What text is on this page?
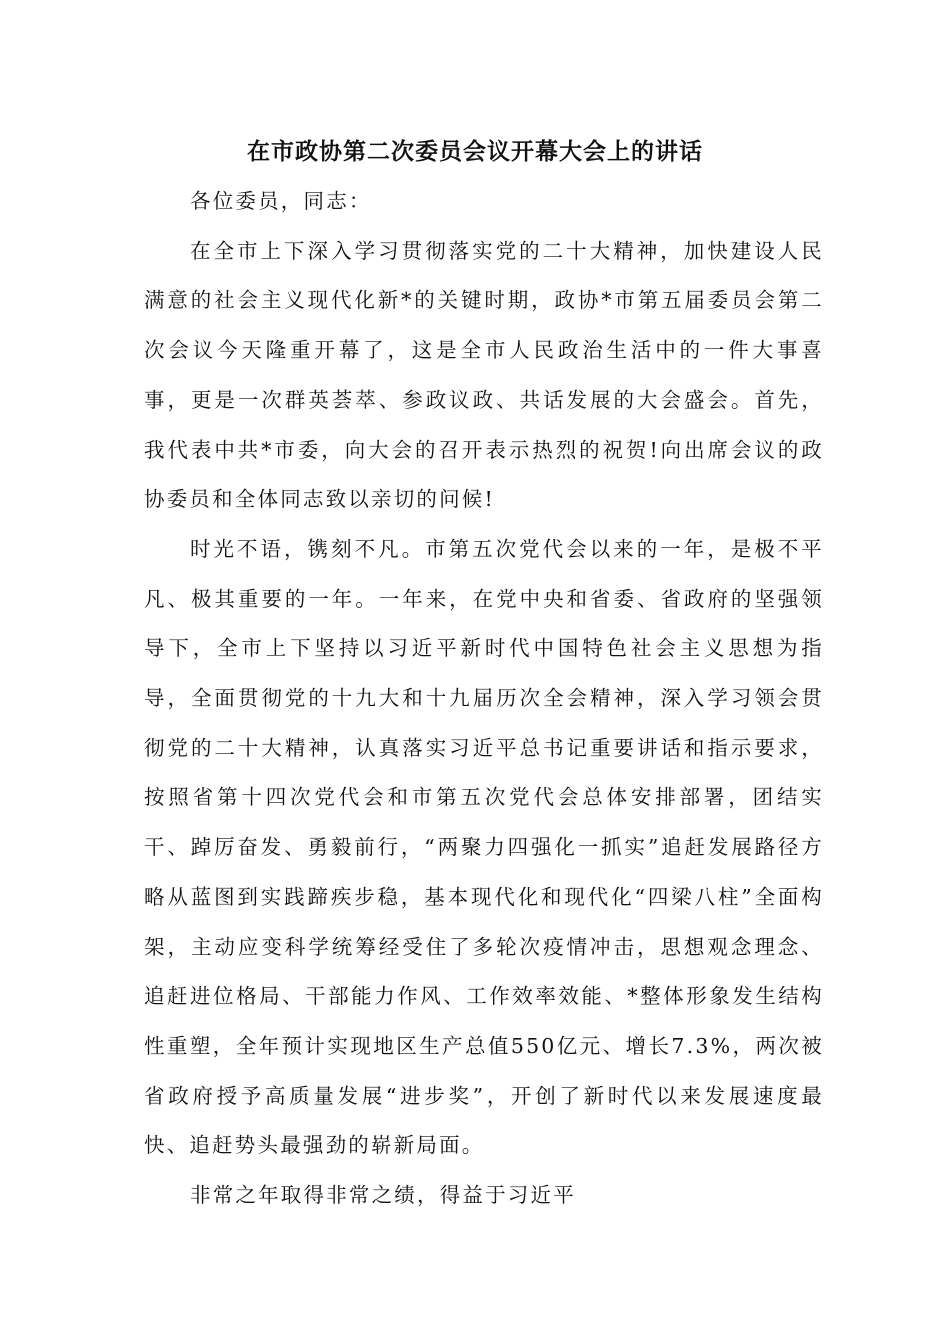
在市政协第二次委员会议开幕大会上的讲话

各位委员，同志：

在全市上下深入学习贯彻落实党的二十大精神，加快建设人民满意的社会主义现代化新*的关键时期，政协*市第五届委员会第二次会议今天隆重开幕了，这是全市人民政治生活中的一件大事喜事，更是一次群英荟萃、参政议政、共话发展的大会盛会。首先，我代表中共*市委，向大会的召开表示热烈的祝贺!向出席会议的政协委员和全体同志致以亲切的问候!

时光不语，镌刻不凡。市第五次党代会以来的一年，是极不平凡、极其重要的一年。一年来，在党中央和省委、省政府的坚强领导下，全市上下坚持以习近平新时代中国特色社会主义思想为指导，全面贯彻党的十九大和十九届历次全会精神，深入学习领会贯彻党的二十大精神，认真落实习近平总书记重要讲话和指示要求，按照省第十四次党代会和市第五次党代会总体安排部署，团结实干、踔厉奋发、勇毅前行，“两聚力四强化一抓实”追赶发展路径方略从蓝图到实践蹄疾步稳，基本现代化和现代化“四梁八柱”全面构架，主动应变科学统筹经受住了多轮次疫情冲击，思想观念理念、追赶进位格局、干部能力作风、工作效率效能、*整体形象发生结构性重塑，全年预计实现地区生产总值550亿元、增长7.3%，两次被省政府授予高质量发展“进步奖”，开创了新时代以来发展速度最快、追赶势头最强劲的崭新局面。

非常之年取得非常之绩，得益于习近平
